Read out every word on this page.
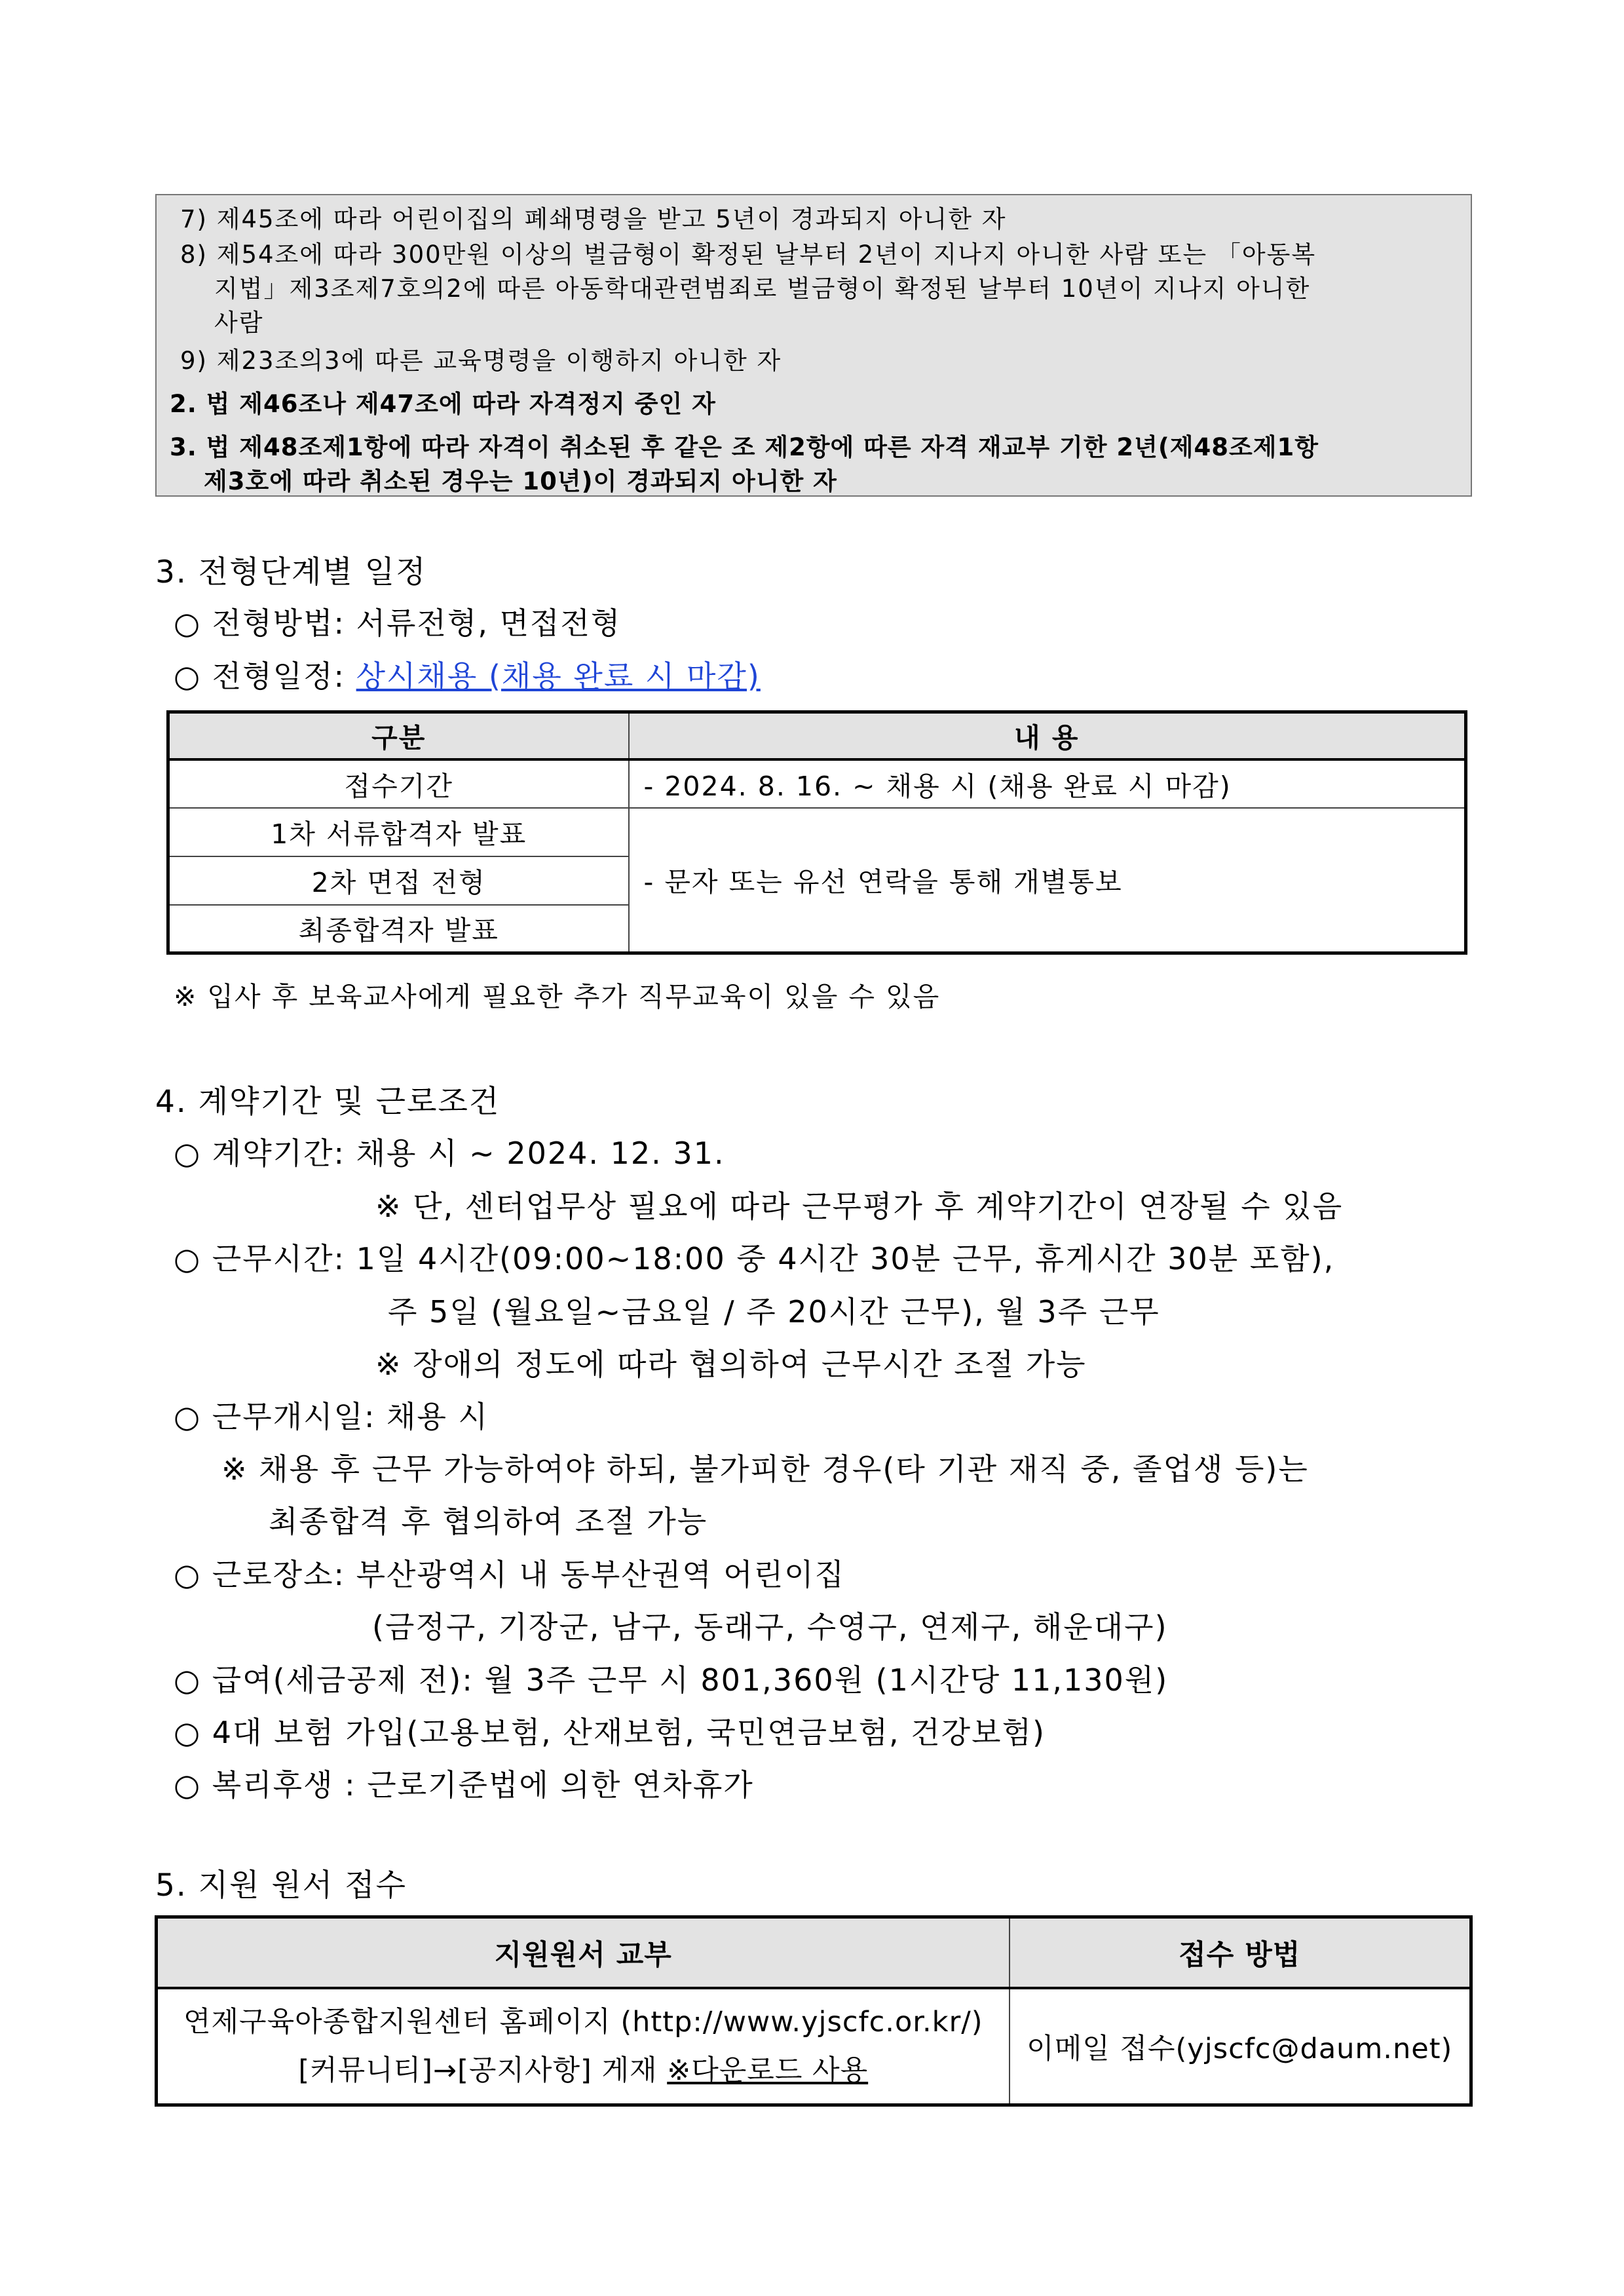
7) 제45조에 따라 어린이집의 폐쇄명령을 받고 5년이 경과되지 아니한 자
8) 제54조에 따라 300만원 이상의 벌금형이 확정된 날부터 2년이 지나지 아니한 사람 또는 「아동복
지법」제3조제7호의2에 따른 아동학대관련범죄로 벌금형이 확정된 날부터 10년이 지나지 아니한
사람
9) 제23조의3에 따른 교육명령을 이행하지 아니한 자
2. 법 제46조나 제47조에 따라 자격정지 중인 자
3. 법 제48조제1항에 따라 자격이 취소된 후 같은 조 제2항에 따른 자격 재교부 기한 2년(제48조제1항
제3호에 따라 취소된 경우는 10년)이 경과되지 아니한 자
3. 전형단계별 일정
○ 전형방법: 서류전형, 면접전형
○ 전형일정: 상시채용 (채용 완료 시 마감)
구분	내 용
접수기간	- 2024. 8. 16. ~ 채용 시 (채용 완료 시 마감)
1차 서류합격자 발표	- 문자 또는 유선 연락을 통해 개별통보
2차 면접 전형	
최종합격자 발표	
※ 입사 후 보육교사에게 필요한 추가 직무교육이 있을 수 있음
4. 계약기간 및 근로조건
○ 계약기간: 채용 시 ~ 2024. 12. 31.
※ 단, 센터업무상 필요에 따라 근무평가 후 계약기간이 연장될 수 있음
○ 근무시간: 1일 4시간(09:00~18:00 중 4시간 30분 근무, 휴게시간 30분 포함),
주 5일 (월요일~금요일 / 주 20시간 근무), 월 3주 근무
※ 장애의 정도에 따라 협의하여 근무시간 조절 가능
○ 근무개시일: 채용 시
※ 채용 후 근무 가능하여야 하되, 불가피한 경우(타 기관 재직 중, 졸업생 등)는
최종합격 후 협의하여 조절 가능
○ 근로장소: 부산광역시 내 동부산권역 어린이집
(금정구, 기장군, 남구, 동래구, 수영구, 연제구, 해운대구)
○ 급여(세금공제 전): 월 3주 근무 시 801,360원 (1시간당 11,130원)
○ 4대 보험 가입(고용보험, 산재보험, 국민연금보험, 건강보험)
○ 복리후생 : 근로기준법에 의한 연차휴가
5. 지원 원서 접수
지원원서 교부	접수 방법

연제구육아종합지원센터 홈페이지 (http://www.yjscfc.or.kr/)
[커뮤니티]→[공지사항] 게재 ※다운로드 사용	이메일 접수(yjscfc@daum.net)
